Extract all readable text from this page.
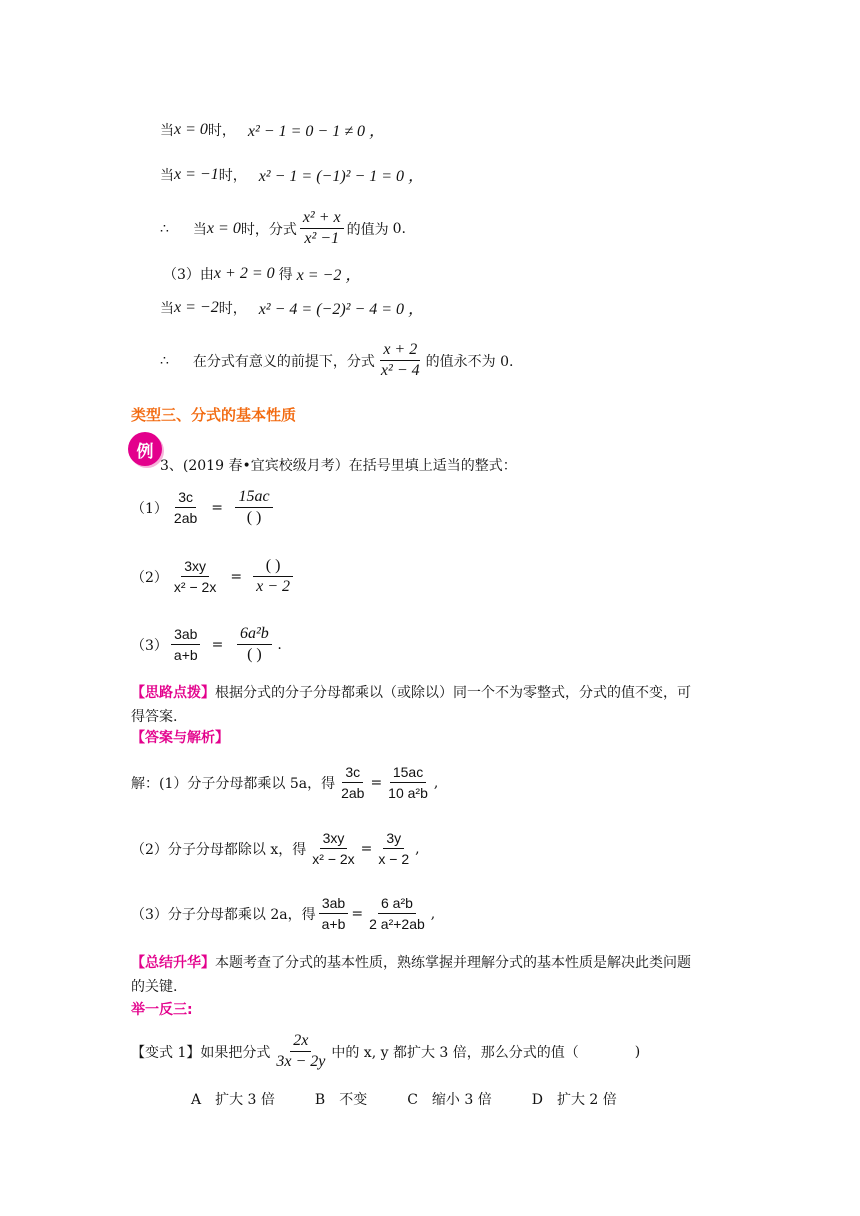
当 x = 0 时， x² − 1 = 0 − 1 ≠ 0 ，
当 x = −1 时， x² − 1 = (−1)² − 1 = 0 ，
∴ 当 x = 0 时， 分式 $\frac{\text{x² + x}}{\text{x² −1}}$ 的值为 0.
（3）由 x + 2 = 0 得 x = −2 ，
当 x = −2 时， x² − 4 = (−2)² − 4 = 0 ，
∴ 在分式有意义的前提下，分式 $\frac{x + 2}{\text{x² − 4}}$ 的值永不为 0.
类型三、分式的基本性质
例
3、(2019 春•宜宾校级月考）在括号里填上适当的整式：
$(1) \frac{3c}{2ab} = \frac{15ac}{( )}$
$(2) \frac{3xy}{\text{x² − 2x}} = \frac{( )}{x - 2}$
$(3) \frac{3ab}{a+b} = \frac{\text{6a²b}}{( )}$ .
【思路点拨】 根据分式的分子分母都乘以（或除以）同一个不为零整式，分式的值不变，可
得答案.
【答案与解析】
解：(1）分子分母都乘以 5a，得 $\frac{3c}{2ab} = \frac{15ac}{\text{10 a²b}}$ ,
（2）分子分母都除以 x，得 $\frac{3xy}{\text{x² − 2x}} = \frac{3y}{x - 2}$ ,
（3）分子分母都乘以 2a，得 $\frac{3ab}{a+b} = \frac{\text{6 a²b}}{\text{2 a²+2ab}}$ ,
【总结升华】 本题考查了分式的基本性质，熟练掌握并理解分式的基本性质是解决此类问题
的关键.
举一反三:
【变式 1】如果把分式 $\frac{2x}{3x - 2y}$ 中的 x, y 都扩大 3 倍，那么分式的值（	)
A　扩大 3 倍	B　不变	C　缩小 3 倍	D　扩大 2 倍
